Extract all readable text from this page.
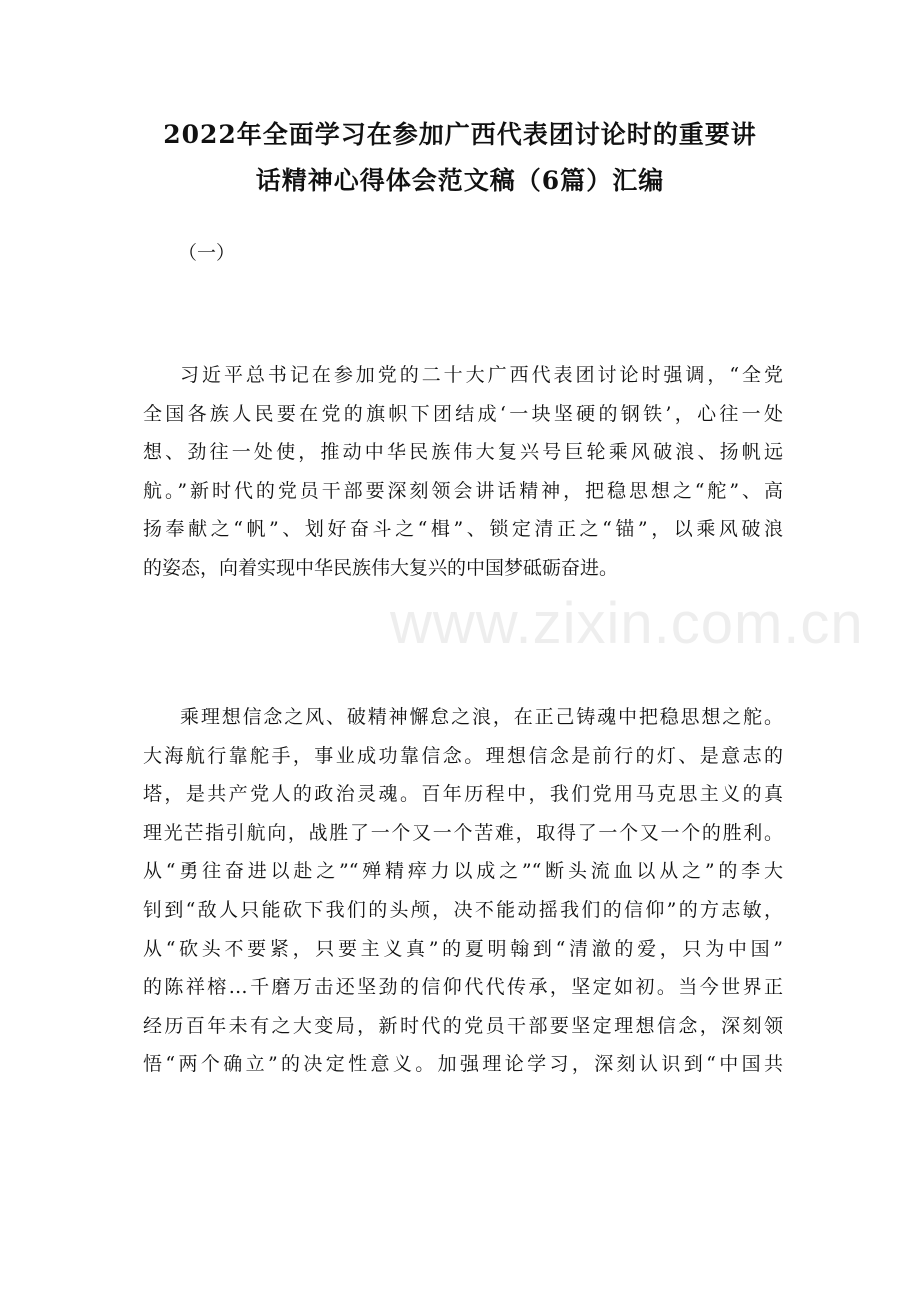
2022年全面学习在参加广西代表团讨论时的重要讲
话精神心得体会范文稿（6篇）汇编
（一）
习近平总书记在参加党的二十大广西代表团讨论时强调，“全党
全国各族人民要在党的旗帜下团结成‘一块坚硬的钢铁’，心往一处
想、劲往一处使，推动中华民族伟大复兴号巨轮乘风破浪、扬帆远
航。”新时代的党员干部要深刻领会讲话精神，把稳思想之“舵”、高
扬奉献之“帆”、划好奋斗之“楫”、锁定清正之“锚”，以乘风破浪
的姿态，向着实现中华民族伟大复兴的中国梦砥砺奋进。
乘理想信念之风、破精神懈怠之浪，在正己铸魂中把稳思想之舵。
大海航行靠舵手，事业成功靠信念。理想信念是前行的灯、是意志的
塔，是共产党人的政治灵魂。百年历程中，我们党用马克思主义的真
理光芒指引航向，战胜了一个又一个苦难，取得了一个又一个的胜利。
从“勇往奋进以赴之”“殚精瘁力以成之”“断头流血以从之”的李大
钊到“敌人只能砍下我们的头颅，决不能动摇我们的信仰”的方志敏，
从“砍头不要紧，只要主义真”的夏明翰到“清澈的爱，只为中国”
的陈祥榕…千磨万击还坚劲的信仰代代传承，坚定如初。当今世界正
经历百年未有之大变局，新时代的党员干部要坚定理想信念，深刻领
悟“两个确立”的决定性意义。加强理论学习，深刻认识到“中国共
www.zixin.com.cn
